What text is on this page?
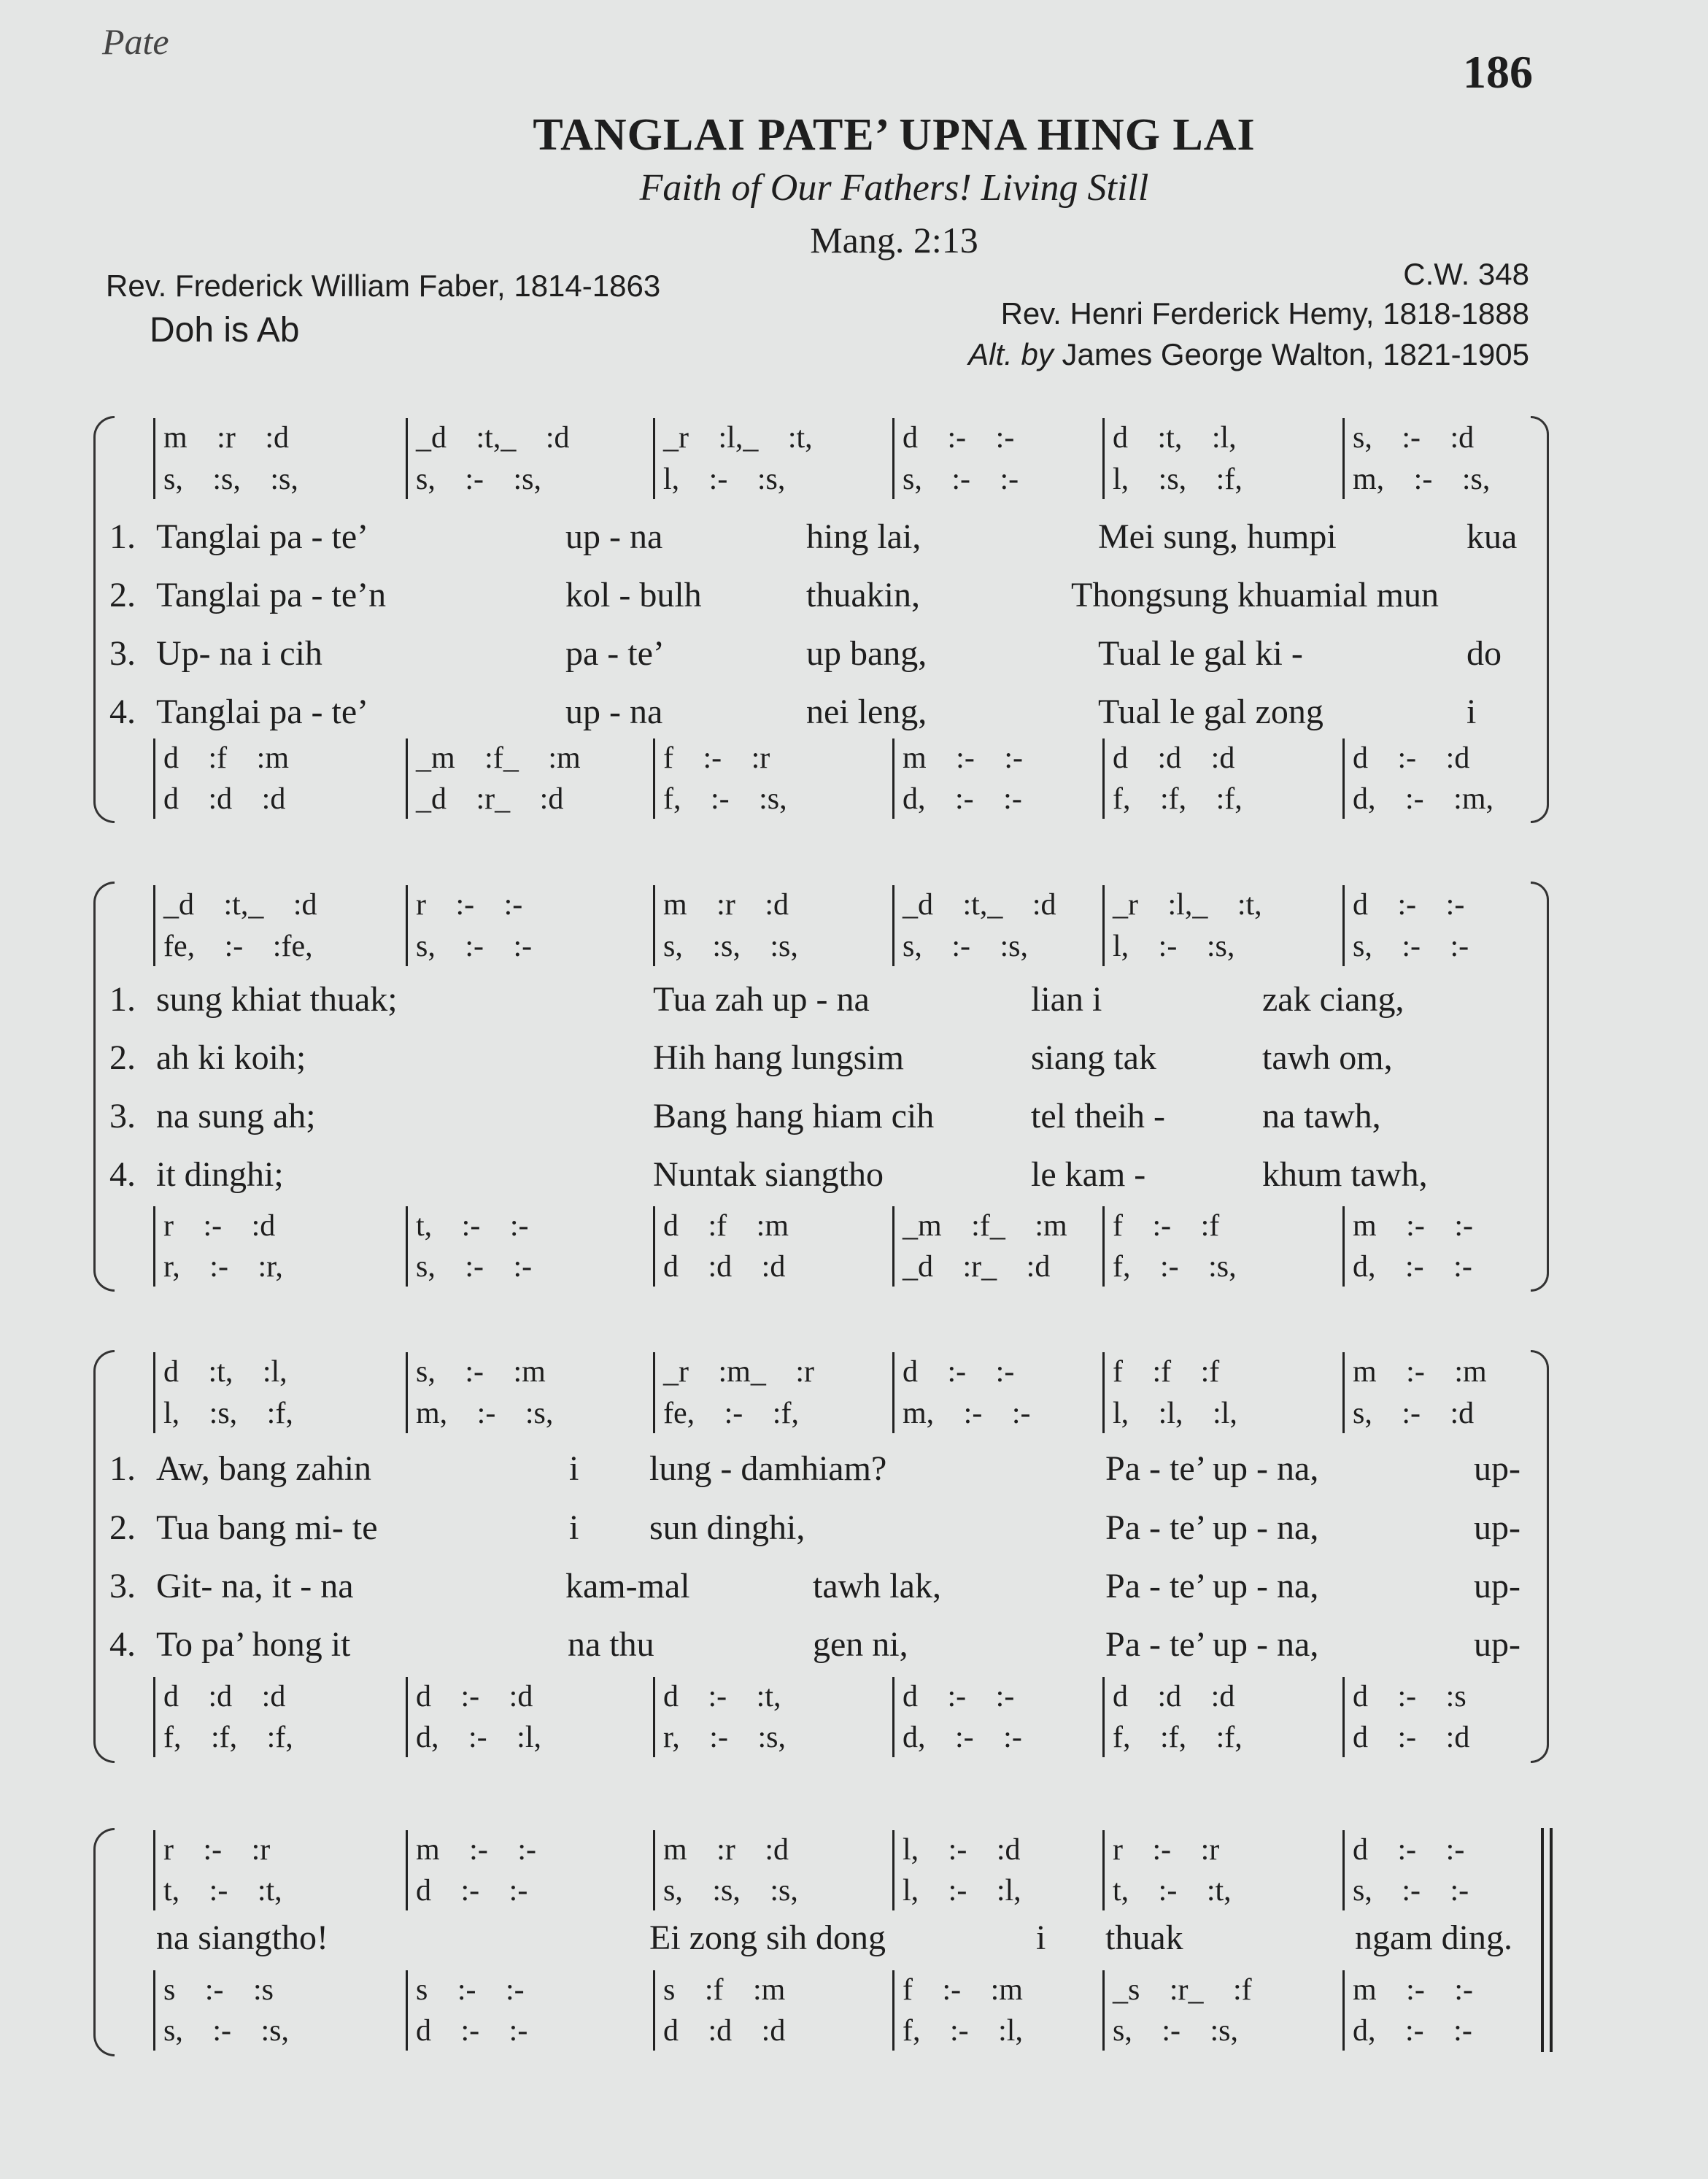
Pate
186
TANGLAI PATE’ UPNA HING LAI
Faith of Our Fathers! Living Still
Mang. 2:13
Rev. Frederick William Faber, 1814-1863
Doh is Ab
C.W. 348
Rev. Henri Ferderick Hemy, 1818-1888
Alt. by James George Walton, 1821-1905
m :r :d
s, :s, :s,
_d :t,_ :d
s, :- :s,
_r :l,_ :t,
l, :- :s,
d :- :-
s, :- :-
d :t, :l,
l, :s, :f,
s, :- :d
m, :- :s,
d :f :m
d :d :d
_m :f_ :m
_d :r_ :d
f :- :r
f, :- :s,
m :- :-
d, :- :-
d :d :d
f, :f, :f,
d :- :d
d, :- :m,
1. Tanglai pa - te’	up - na	hing lai,	Mei sung, humpi	kua
2. Tanglai pa - te’n	kol - bulh	thuakin,	Thongsung khuamial mun
3. Up- na i cih	pa - te’	up bang,	Tual le gal ki -	do
4. Tanglai pa - te’	up - na	nei leng,	Tual le gal zong	i
_d :t,_ :d
fe, :- :fe,
r :- :-
s, :- :-
m :r :d
s, :s, :s,
_d :t,_ :d
s, :- :s,
_r :l,_ :t,
l, :- :s,
d :- :-
s, :- :-
r :- :d
r, :- :r,
t, :- :-
s, :- :-
d :f :m
d :d :d
_m :f_ :m
_d :r_ :d
f :- :f
f, :- :s,
m :- :-
d, :- :-
1. sung khiat thuak;	Tua zah up - na	lian i	zak ciang,
2. ah ki koih;	Hih hang lungsim	siang tak	tawh om,
3. na sung ah;	Bang hang hiam cih	tel theih -	na tawh,
4. it dinghi;	Nuntak siangtho	le kam -	khum tawh,
d :t, :l,
l, :s, :f,
s, :- :m
m, :- :s,
_r :m_ :r
fe, :- :f,
d :- :-
m, :- :-
f :f :f
l, :l, :l,
m :- :m
s, :- :d
d :d :d
f, :f, :f,
d :- :d
d, :- :l,
d :- :t,
r, :- :s,
d :- :-
d, :- :-
d :d :d
f, :f, :f,
d :- :s
d :- :d
1. Aw, bang zahin	i lung - damhiam?	Pa - te’ up - na,	up-
2. Tua bang mi- te	i sun dinghi,	Pa - te’ up - na,	up-
3. Git- na, it - na	kam-mal	tawh lak,	Pa - te’ up - na,	up-
4. To pa’ hong it	na thu	gen ni,	Pa - te’ up - na,	up-
r :- :r
t, :- :t,
m :- :-
d :- :-
m :r :d
s, :s, :s,
l, :- :d
l, :- :l,
r :- :r
t, :- :t,
d :- :-
s, :- :-
s :- :s
s, :- :s,
s :- :-
d :- :-
s :f :m
d :d :d
f :- :m
f, :- :l,
_s :r_ :f
s, :- :s,
m :- :-
d, :- :-
na siangtho!	Ei zong sih dong	i thuak	ngam ding.
